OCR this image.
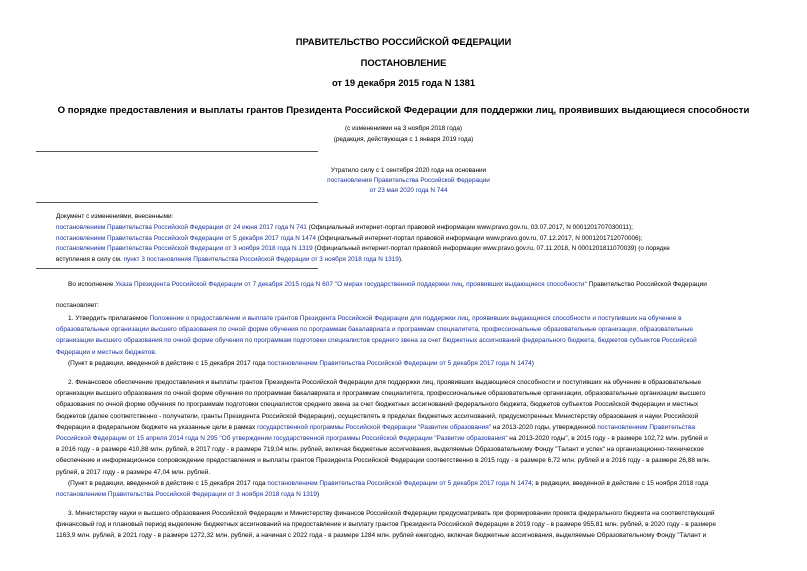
ПРАВИТЕЛЬСТВО РОССИЙСКОЙ ФЕДЕРАЦИИ
ПОСТАНОВЛЕНИЕ
от 19 декабря 2015 года N 1381
О порядке предоставления и выплаты грантов Президента Российской Федерации для поддержки лиц, проявивших выдающиеся способности
(с изменениями на 3 ноября 2018 года)
(редакция, действующая с 1 января 2019 года)
Утратило силу с 1 сентября 2020 года на основании
постановления Правительства Российской Федерации
от 23 мая 2020 года N 744
Документ с изменениями, внесенными:
постановлением Правительства Российской Федерации от 24 июня 2017 года N 741 (Официальный интернет-портал правовой информации www.pravo.gov.ru, 03.07.2017, N 0001201707030011);
постановлением Правительства Российской Федерации от 5 декабря 2017 года N 1474 (Официальный интернет-портал правовой информации www.pravo.gov.ru, 07.12.2017, N 0001201712070006);
постановлением Правительства Российской Федерации от 3 ноября 2018 года N 1319 (Официальный интернет-портал правовой информации www.pravo.gov.ru, 07.11.2018, N 0001201811070039) (о порядке
вступления в силу см. пункт 3 постановления Правительства Российской Федерации от 3 ноября 2018 года N 1319).
Во исполнение Указа Президента Российской Федерации от 7 декабря 2015 года N 607 "О мерах государственной поддержки лиц, проявивших выдающиеся способности" Правительство Российской Федерации
постановляет:
1. Утвердить прилагаемое Положение о предоставлении и выплате грантов Президента Российской Федерации для поддержки лиц, проявивших выдающиеся способности и поступивших на обучение в
образовательные организации высшего образования по очной форме обучения по программам бакалавриата и программам специалитета, профессиональные образовательные организации, образовательные
организации высшего образования по очной форме обучения по программам подготовки специалистов среднего звена за счет бюджетных ассигнований федерального бюджета, бюджетов субъектов Российской
Федерации и местных бюджетов.
(Пункт в редакции, введенной в действие с 15 декабря 2017 года постановлением Правительства Российской Федерации от 5 декабря 2017 года N 1474)
2. Финансовое обеспечение предоставления и выплаты грантов Президента Российской Федерации для поддержки лиц, проявивших выдающиеся способности и поступивших на обучение в образовательные
организации высшего образования по очной форме обучения по программам бакалавриата и программам специалитета, профессиональные образовательные организации, образовательные организации высшего
образования по очной форме обучения по программам подготовки специалистов среднего звена за счет бюджетных ассигнований федерального бюджета, бюджетов субъектов Российской Федерации и местных
бюджетов (далее соответственно - получатели, гранты Президента Российской Федерации), осуществлять в пределах бюджетных ассигнований, предусмотренных Министерству образования и науки Российской
Федерации в федеральном бюджете на указанные цели в рамках государственной программы Российской Федерации "Развитие образования" на 2013-2020 годы, утвержденной постановлением Правительства
Российской Федерации от 15 апреля 2014 года N 295 "Об утверждении государственной программы Российской Федерации "Развитие образования" на 2013-2020 годы", в 2015 году - в размере 102,72 млн. рублей и
в 2016 году - в размере 410,88 млн. рублей, в 2017 году - в размере 719,04 млн. рублей, включая бюджетные ассигнования, выделяемые Образовательному Фонду "Талант и успех" на организационно-техническое
обеспечение и информационное сопровождение предоставления и выплаты грантов Президента Российской Федерации соответственно в 2015 году - в размере 6,72 млн. рублей и в 2016 году - в размере 26,88 млн.
рублей, в 2017 году - в размере 47,04 млн. рублей.
(Пункт в редакции, введенной в действие с 15 декабря 2017 года постановлением Правительства Российской Федерации от 5 декабря 2017 года N 1474; в редакции, введенной в действие с 15 ноября 2018 года
постановлением Правительства Российской Федерации от 3 ноября 2018 года N 1319)
3. Министерству науки и высшего образования Российской Федерации и Министерству финансов Российской Федерации предусматривать при формировании проекта федерального бюджета на соответствующий
финансовый год и плановый период выделение бюджетных ассигнований на предоставление и выплату грантов Президента Российской Федерации в 2019 году - в размере 955,81 млн. рублей, в 2020 году - в размере
1163,9 млн. рублей, в 2021 году - в размере 1272,32 млн. рублей, а начиная с 2022 года - в размере 1284 млн. рублей ежегодно, включая бюджетные ассигнования, выделяемые Образовательному Фонду "Талант и
